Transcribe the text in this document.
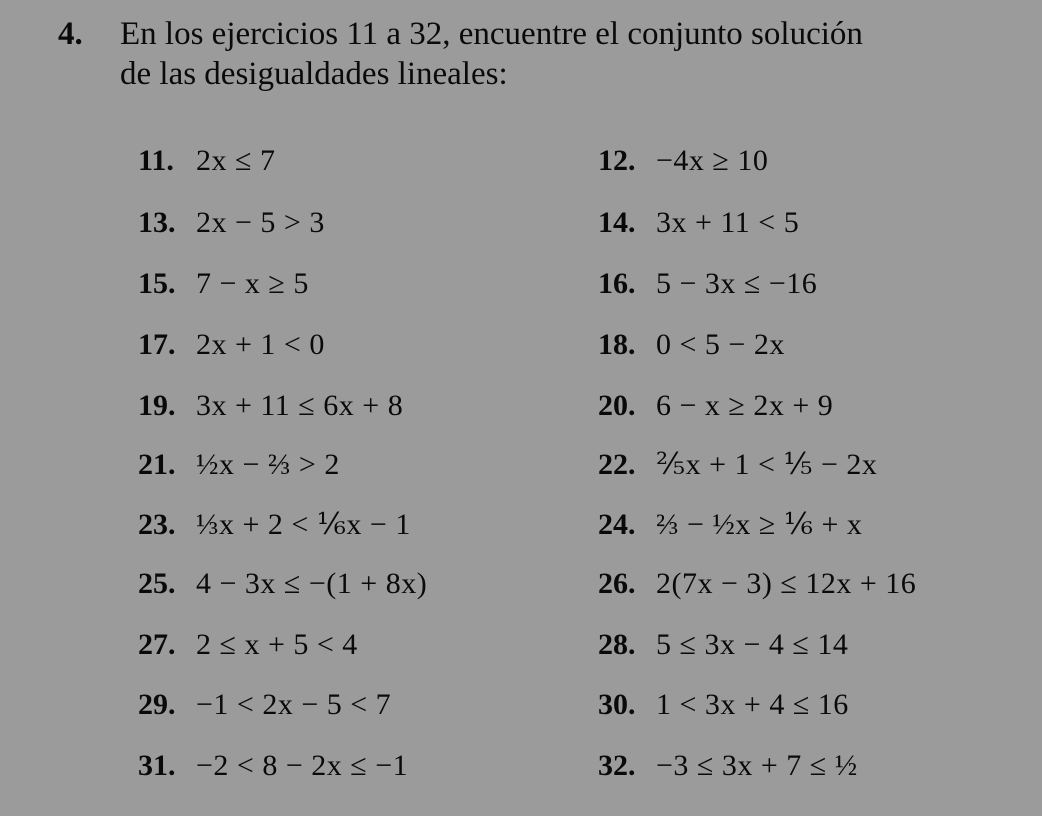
4. En los ejercicios 11 a 32, encuentre el conjunto solución
de las desigualdades lineales:
11. 2x ≤ 7	12. −4x ≥ 10
13. 2x − 5 > 3	14. 3x + 11 < 5
15. 7 − x ≥ 5	16. 5 − 3x ≤ −16
17. 2x + 1 < 0	18. 0 < 5 − 2x
19. 3x + 11 ≤ 6x + 8	20. 6 − x ≥ 2x + 9
21. ½x − ⅔ > 2	22. ⅖x + 1 < ⅕ − 2x
23. ⅓x + 2 < ⅙x − 1	24. ⅔ − ½x ≥ ⅙ + x
25. 4 − 3x ≤ −(1 + 8x)	26. 2(7x − 3) ≤ 12x + 16
27. 2 ≤ x + 5 < 4	28. 5 ≤ 3x − 4 ≤ 14
29. −1 < 2x − 5 < 7	30. 1 < 3x + 4 ≤ 16
31. −2 < 8 − 2x ≤ −1	32. −3 ≤ 3x + 7 ≤ ½
